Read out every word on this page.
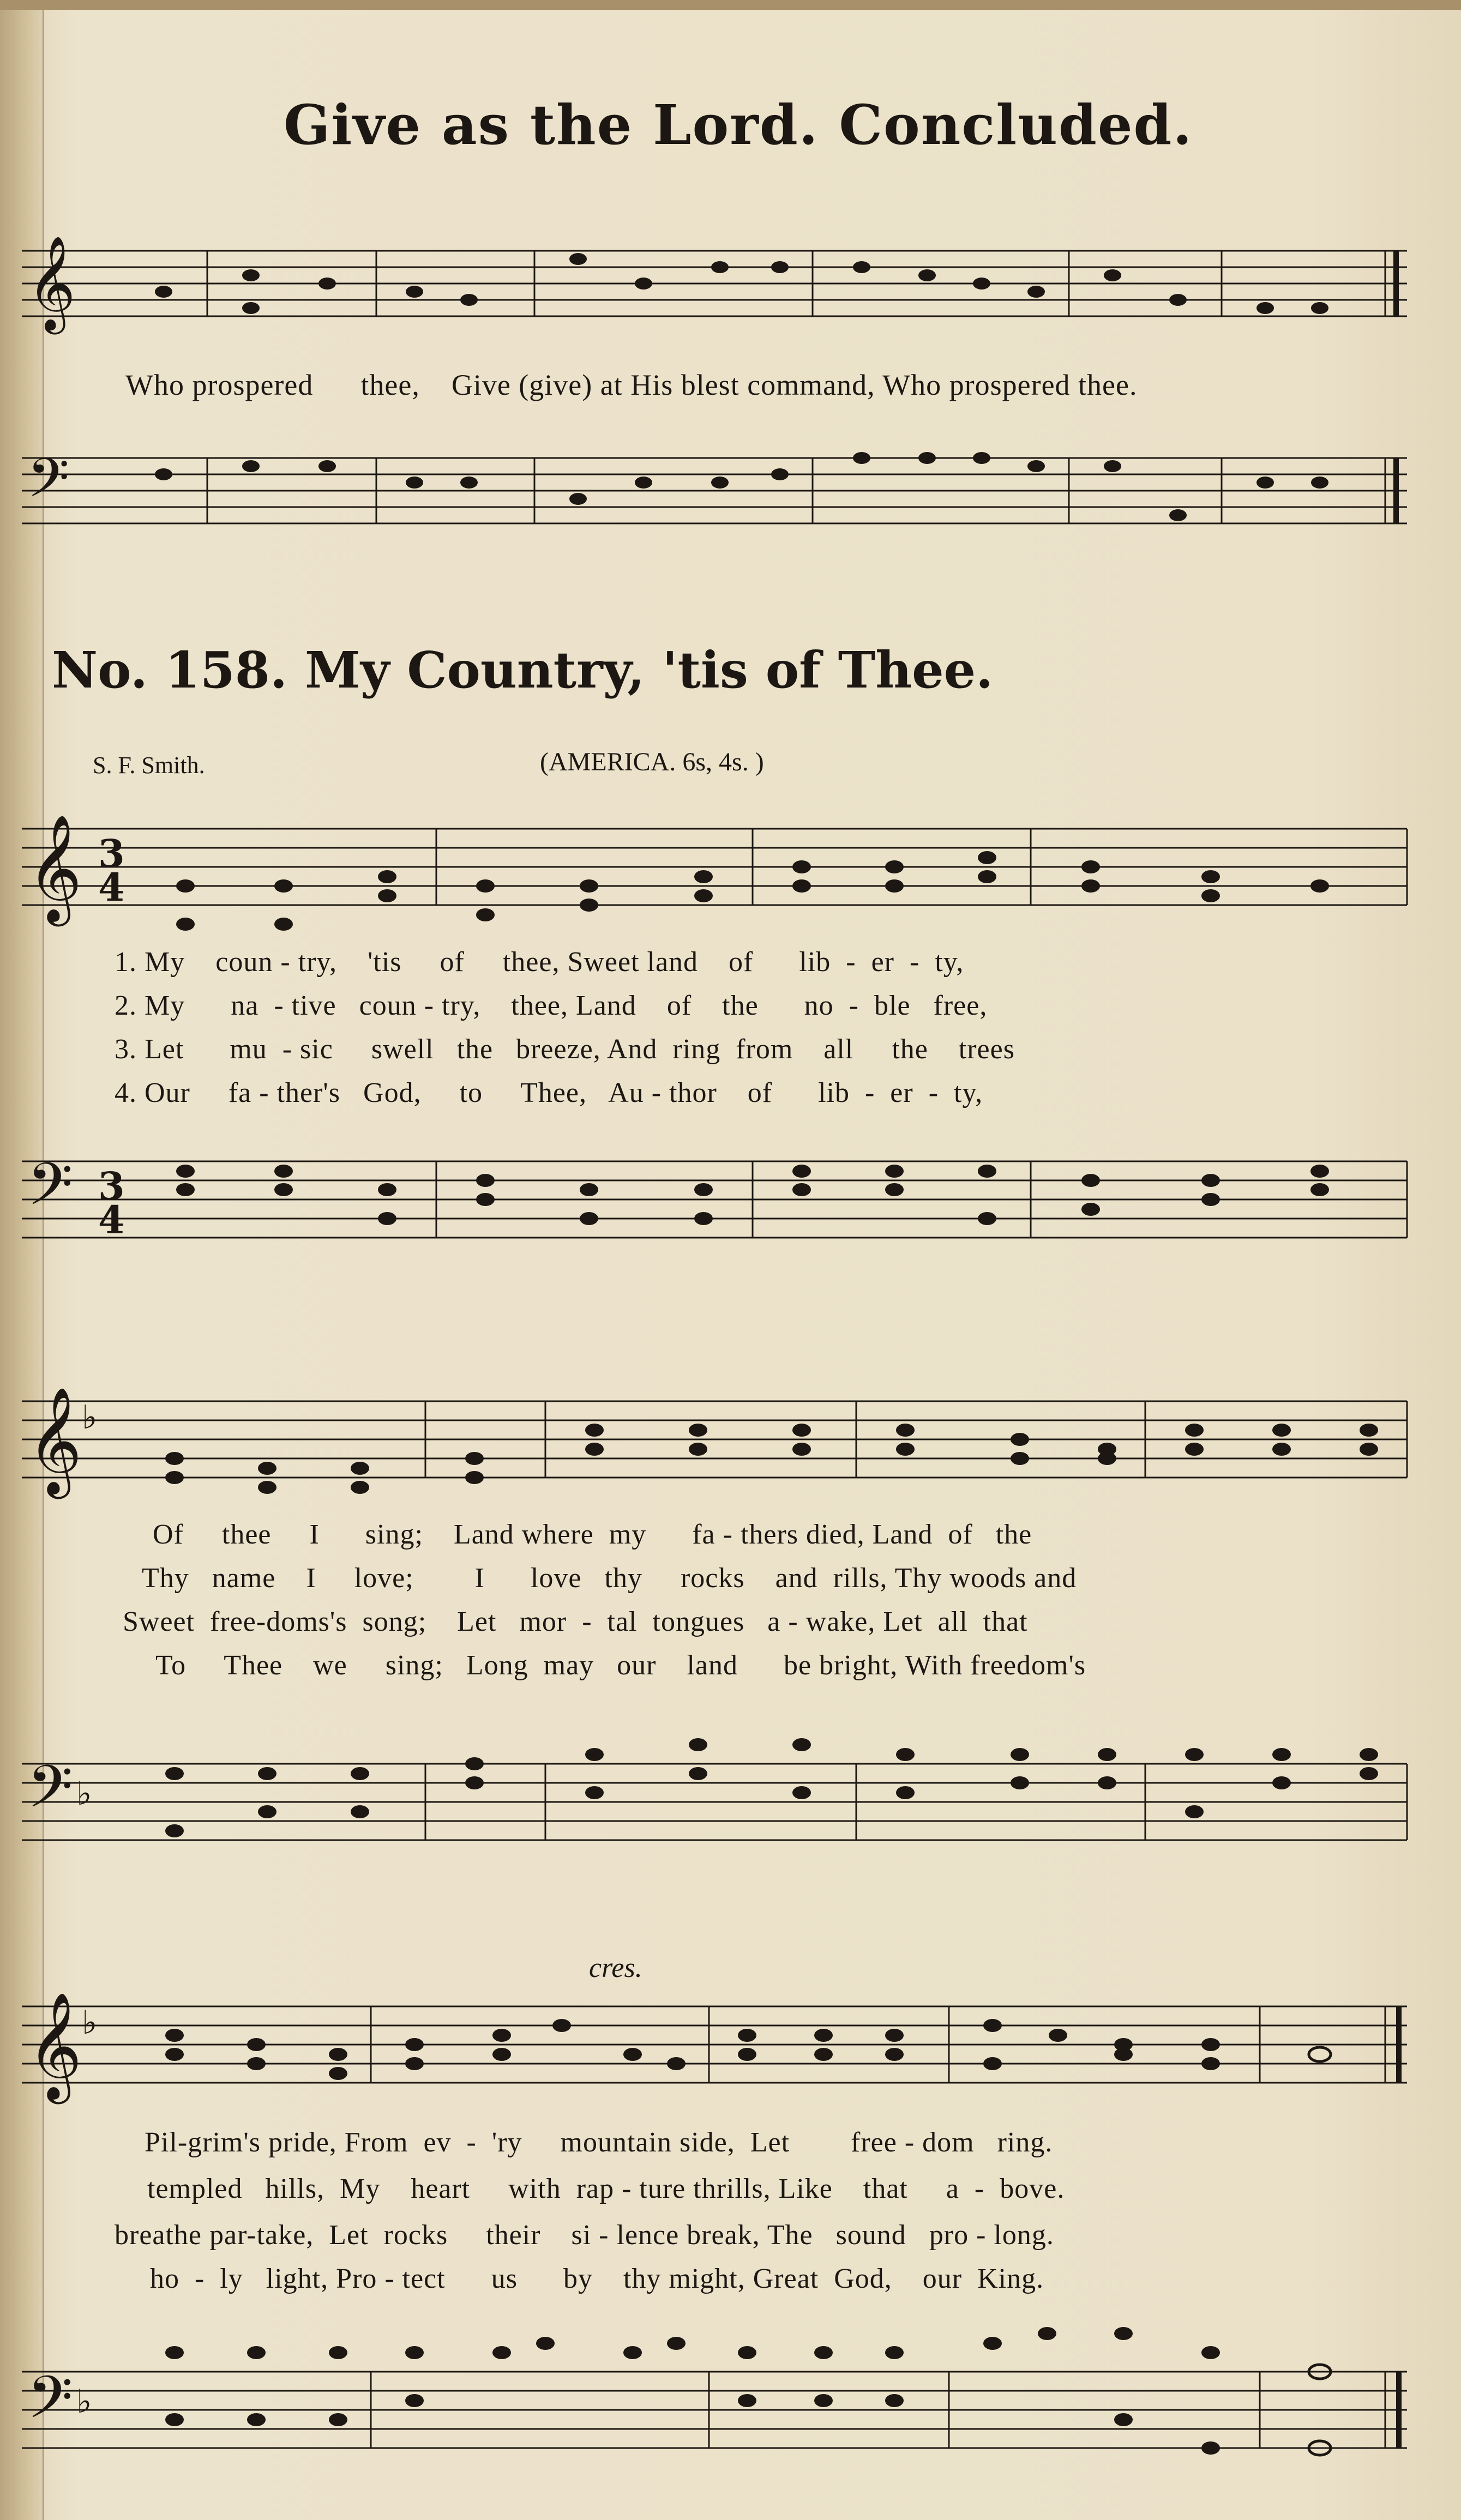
Give as the Lord. Concluded.
𝄞
Who prospered      thee,    Give (give) at His blest command, Who prospered thee.
𝄢
No. 158. My Country, 'tis of Thee.
S. F. Smith.	(AMERICA. 6s, 4s. )
𝄞 3
4
1. My    coun - try,    'tis     of     thee, Sweet land    of      lib  -  er  -  ty,
2. My      na  - tive   coun - try,    thee, Land    of    the      no  -  ble   free,
3. Let      mu  - sic     swell   the   breeze, And  ring  from    all     the    trees
4. Our     fa - ther's   God,     to     Thee,   Au - thor    of      lib  -  er  -  ty,
𝄢 3
4
𝄞 ♭
Of     thee     I      sing;    Land where  my      fa - thers died, Land  of   the
Thy   name    I     love;        I      love   thy     rocks    and  rills, Thy woods and
Sweet  free-doms's  song;    Let   mor  -  tal  tongues   a - wake, Let  all  that
To     Thee    we     sing;   Long  may   our    land      be bright, With freedom's
𝄢 ♭
cres.
𝄞 ♭
Pil-grim's pride, From  ev  -  'ry     mountain side,  Let        free - dom   ring.
templed   hills,  My    heart     with  rap - ture thrills, Like    that     a  -  bove.
breathe par-take,  Let  rocks     their    si - lence break, The   sound   pro - long.
ho  -  ly   light, Pro - tect      us      by    thy might, Great  God,    our  King.
𝄢 ♭
